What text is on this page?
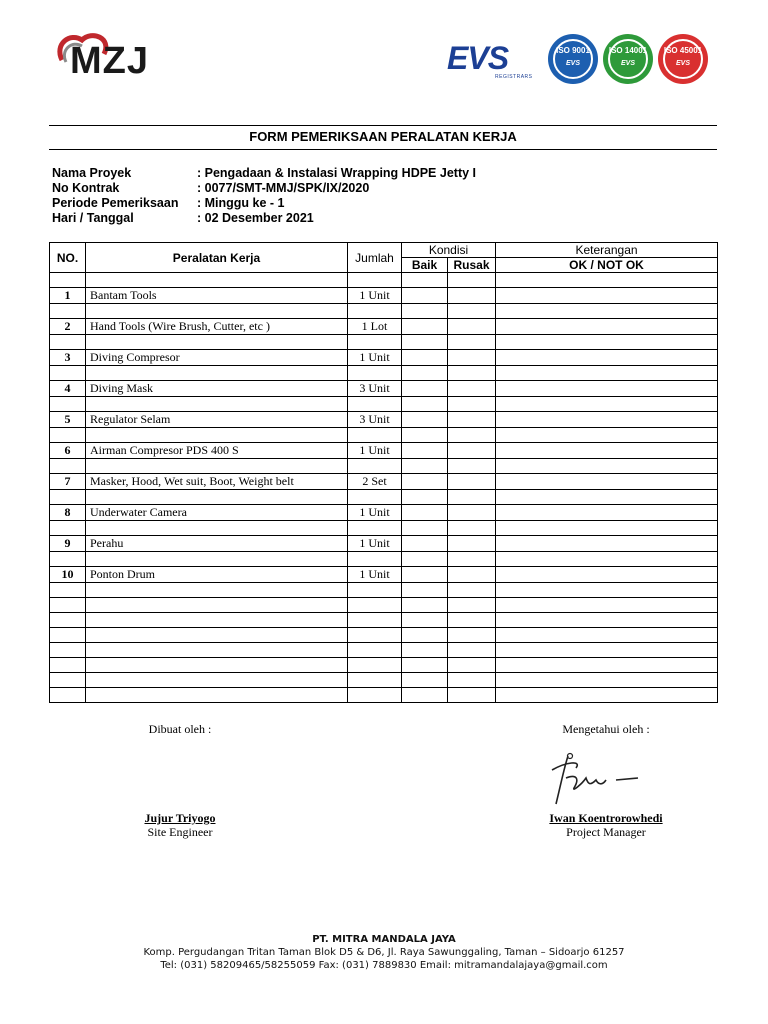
MZJ	EVS
REGISTRARS
ISO 9001
EVS
ISO 14001
EVS
ISO 45001
EVS
FORM PEMERIKSAAN PERALATAN KERJA
Nama Proyek	: Pengadaan & Instalasi Wrapping HDPE Jetty I
No Kontrak	: 0077/SMT-MMJ/SPK/IX/2020
Periode Pemeriksaan	: Minggu ke - 1
Hari / Tanggal	: 02 Desember 2021
NO.	Peralatan Kerja	Jumlah	Kondisi		Keterangan
			Baik	Rusak	OK / NOT OK

1	Bantam Tools	1 Unit			

2	Hand Tools (Wire Brush, Cutter, etc )	1 Lot			

3	Diving Compresor	1 Unit			

4	Diving Mask	3 Unit			

5	Regulator Selam	3 Unit			

6	Airman Compresor PDS 400 S	1 Unit			

7	Masker, Hood, Wet suit, Boot, Weight belt	2 Set			

8	Underwater Camera	1 Unit			

9	Perahu	1 Unit			

10	Ponton Drum	1 Unit			

Dibuat oleh :
Jujur Triyogo
Site Engineer
Mengetahui oleh :
Iwan Koentrorowhedi
Project Manager
PT. MITRA MANDALA JAYA
Komp. Pergudangan Tritan Taman Blok D5 & D6, Jl. Raya Sawunggaling, Taman – Sidoarjo 61257
Tel: (031) 58209465/58255059 Fax: (031) 7889830 Email: mitramandalajaya@gmail.com
